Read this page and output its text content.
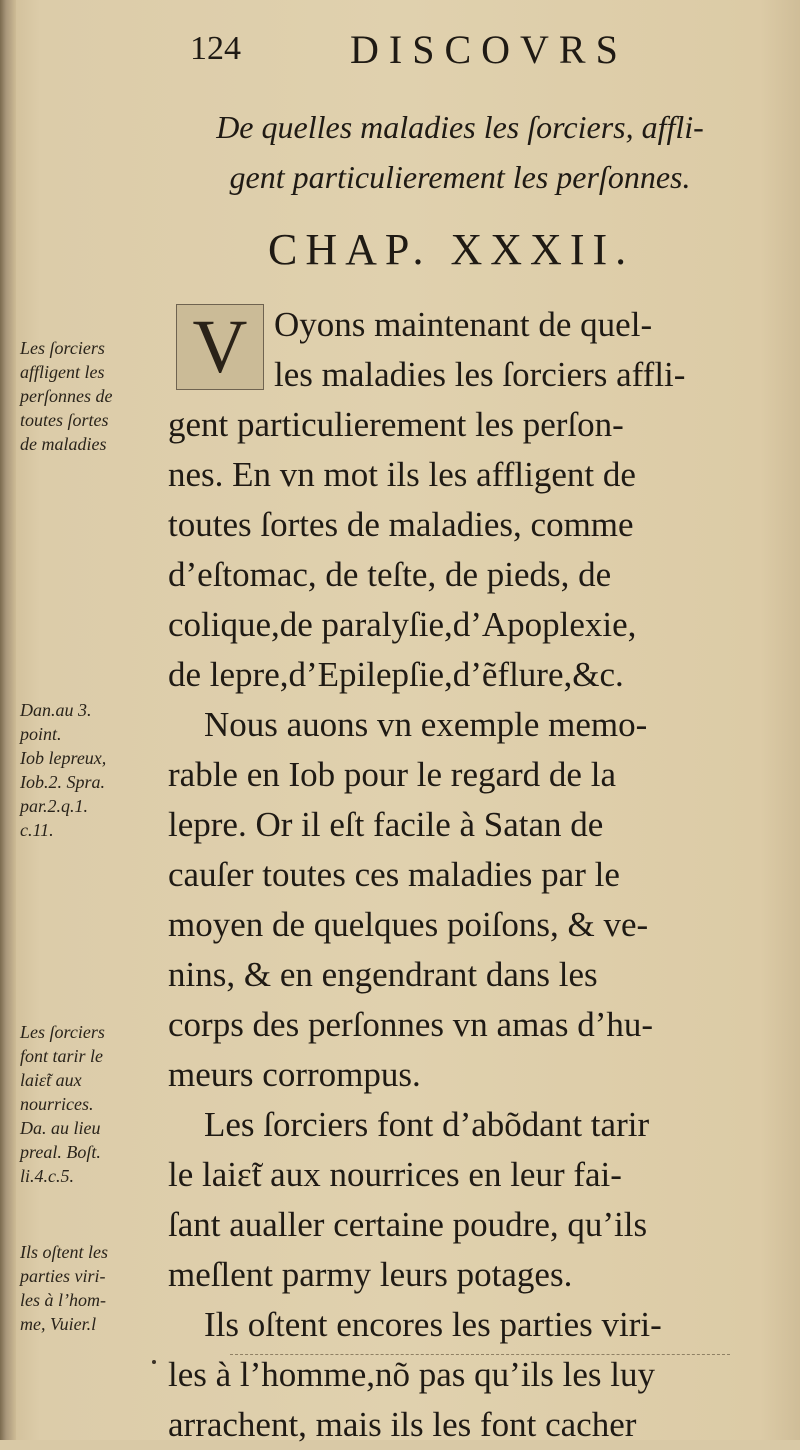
124	DISCOVRS
De quelles maladies les ſorciers, affli-
gent particulierement les perſonnes.
CHAP. XXXII.
V Oyons maintenant de quel-
les maladies les ſorciers affli-
gent particulierement les perſon-
nes. En vn mot ils les affligent de
toutes ſortes de maladies, comme
d’eſtomac, de teſte, de pieds, de
colique,de paralyſie,d’Apoplexie,
de lepre,d’Epilepſie,d’ẽflure,&c.
Nous auons vn exemple memo-
rable en Iob pour le regard de la
lepre. Or il eſt facile à Satan de
cauſer toutes ces maladies par le
moyen de quelques poiſons, & ve-
nins, & en engendrant dans les
corps des perſonnes vn amas d’hu-
meurs corrompus.
Les ſorciers font d’abõdant tarir
le laiɛ̃t aux nourrices en leur fai-
ſant aualler certaine poudre, qu’ils
meſlent parmy leurs potages.
Ils oſtent encores les parties viri-
les à l’homme,nõ pas qu’ils les luy
arrachent, mais ils les font cacher
Les ſorciers
affligent les
perſonnes de
toutes ſortes
de maladies
Dan.au 3.
point.
Iob lepreux,
Iob.2. Spra.
par.2.q.1.
c.11.
Les ſorciers
font tarir le
laiɛ̃t aux
nourrices.
Da. au lieu
preal. Boſt.
li.4.c.5.
Ils oſtent les
parties viri-
les à l’hom-
me, Vuier.l
